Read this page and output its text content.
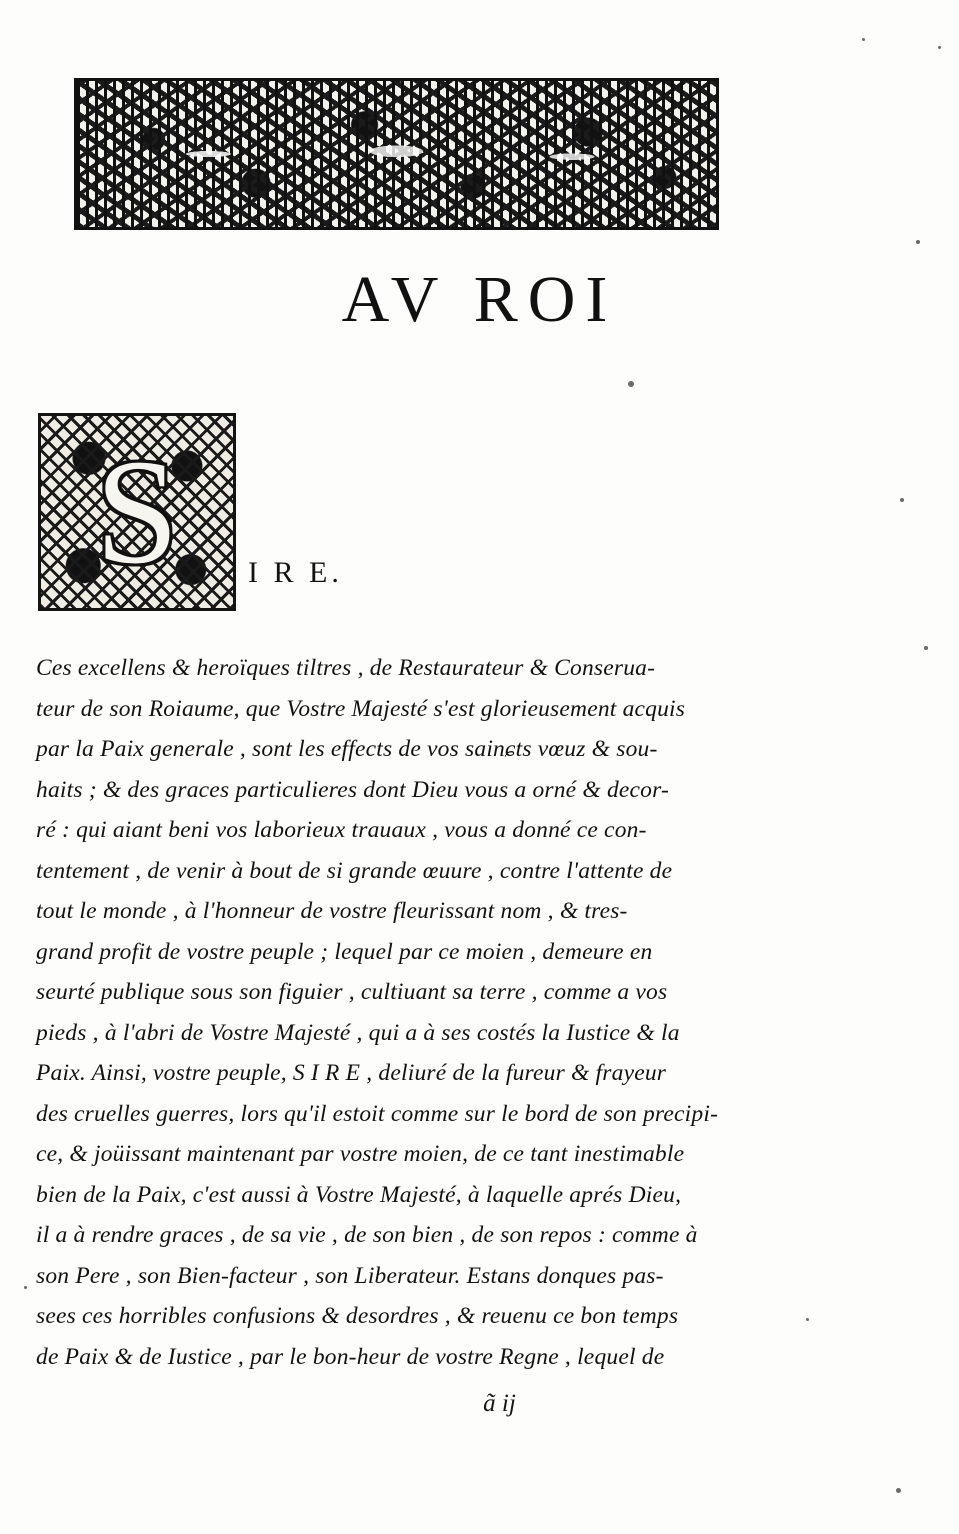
AV ROI
S	I R E.
Ces excellens & heroïques tiltres , de Restaurateur & Conserua-
teur de son Roiaume, que Vostre Majesté s'est glorieusement acquis
par la Paix generale , sont les effects de vos sainɕts vœuz & sou-
haits ; & des graces particulieres dont Dieu vous a orné & decor-
ré : qui aiant beni vos laborieux trauaux , vous a donné ce con-
tentement , de venir à bout de si grande œuure , contre l'attente de
tout le monde , à l'honneur de vostre fleurissant nom , & tres-
grand profit de vostre peuple ; lequel par ce moien , demeure en
seurté publique sous son figuier , cultiuant sa terre , comme a vos
pieds , à l'abri de Vostre Majesté , qui a à ses costés la Iustice & la
Paix. Ainsi, vostre peuple, S I R E , deliuré de la fureur & frayeur
des cruelles guerres, lors qu'il estoit comme sur le bord de son precipi-
ce, & joüissant maintenant par vostre moien, de ce tant inestimable
bien de la Paix, c'est aussi à Vostre Majesté, à laquelle aprés Dieu,
il a à rendre graces , de sa vie , de son bien , de son repos : comme à
son Pere , son Bien-facteur , son Liberateur. Estans donques pas-
sees ces horribles confusions & desordres , & reuenu ce bon temps
de Paix & de Iustice , par le bon-heur de vostre Regne , lequel de
ã ij
